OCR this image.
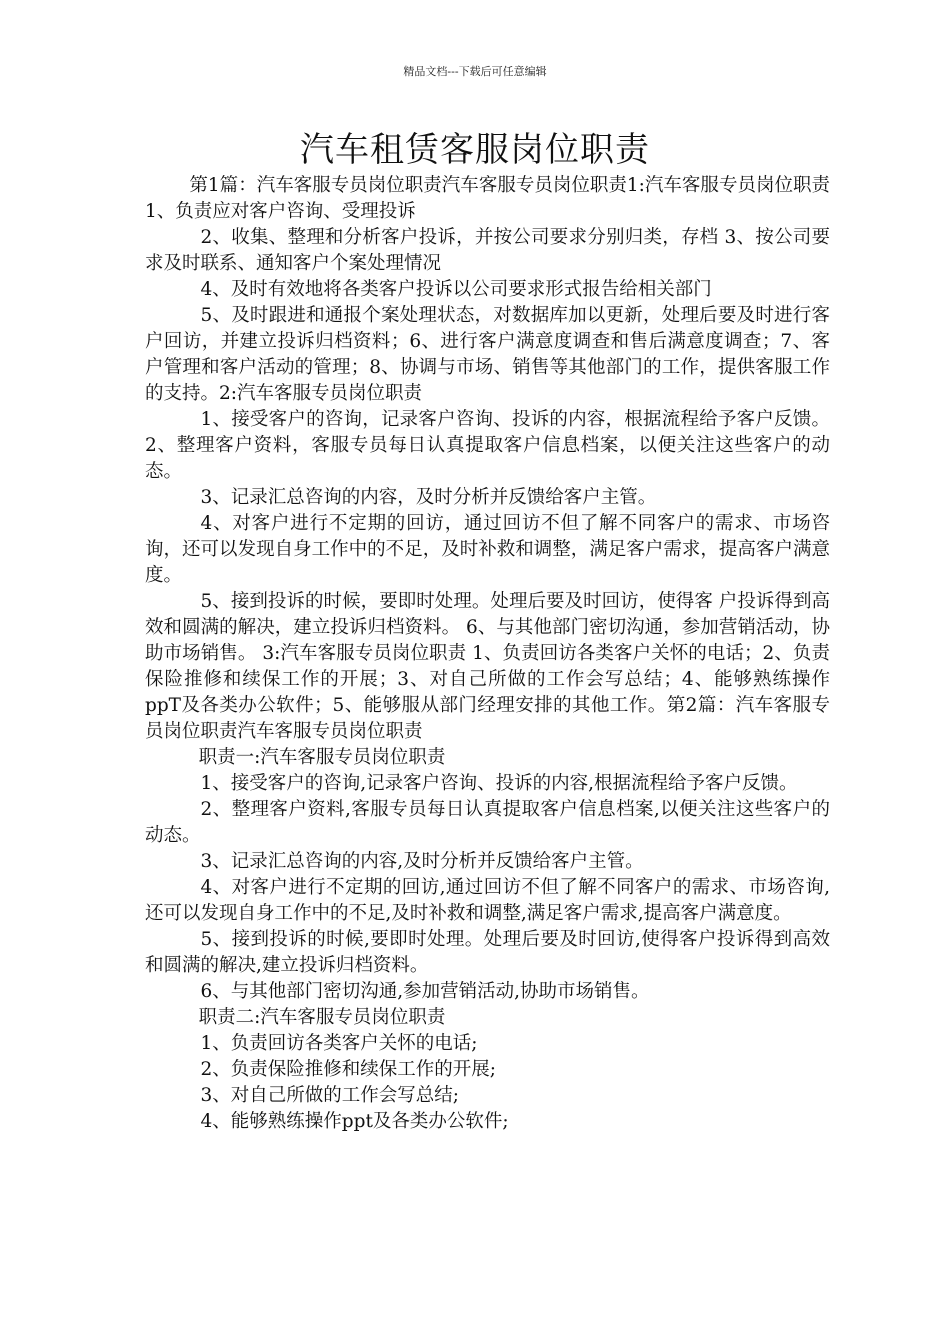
精品文档---下载后可任意编辑
汽车租赁客服岗位职责

第1篇：汽车客服专员岗位职责汽车客服专员岗位职责1:汽车客服专员岗位职责 1、负责应对客户咨询、受理投诉

2、收集、整理和分析客户投诉，并按公司要求分别归类，存档 3、按公司要求及时联系、通知客户个案处理情况

4、及时有效地将各类客户投诉以公司要求形式报告给相关部门

5、及时跟进和通报个案处理状态，对数据库加以更新，处理后要及时进行客户回访，并建立投诉归档资料；6、进行客户满意度调查和售后满意度调查；7、客户管理和客户活动的管理；8、协调与市场、销售等其他部门的工作，提供客服工作的支持。2:汽车客服专员岗位职责

1、接受客户的咨询，记录客户咨询、投诉的内容，根据流程给予客户反馈。 2、整理客户资料，客服专员每日认真提取客户信息档案，以便关注这些客户的动态。

3、记录汇总咨询的内容，及时分析并反馈给客户主管。

4、对客户进行不定期的回访，通过回访不但了解不同客户的需求、市场咨询，还可以发现自身工作中的不足，及时补救和调整，满足客户需求，提高客户满意度。

5、接到投诉的时候，要即时处理。处理后要及时回访，使得客 户投诉得到高效和圆满的解决，建立投诉归档资料。 6、与其他部门密切沟通，参加营销活动，协助市场销售。 3:汽车客服专员岗位职责 1、负责回访各类客户关怀的电话；2、负责保险推修和续保工作的开展；3、对自己所做的工作会写总结；4、能够熟练操作ppT及各类办公软件；5、能够服从部门经理安排的其他工作。第2篇：汽车客服专员岗位职责汽车客服专员岗位职责

职责一:汽车客服专员岗位职责

1、接受客户的咨询,记录客户咨询、投诉的内容,根据流程给予客户反馈。

2、整理客户资料,客服专员每日认真提取客户信息档案,以便关注这些客户的动态。

3、记录汇总咨询的内容,及时分析并反馈给客户主管。

4、对客户进行不定期的回访,通过回访不但了解不同客户的需求、市场咨询,还可以发现自身工作中的不足,及时补救和调整,满足客户需求,提高客户满意度。

5、接到投诉的时候,要即时处理。处理后要及时回访,使得客户投诉得到高效和圆满的解决,建立投诉归档资料。

6、与其他部门密切沟通,参加营销活动,协助市场销售。

职责二:汽车客服专员岗位职责

1、负责回访各类客户关怀的电话;

2、负责保险推修和续保工作的开展;

3、对自己所做的工作会写总结;

4、能够熟练操作ppt及各类办公软件;
